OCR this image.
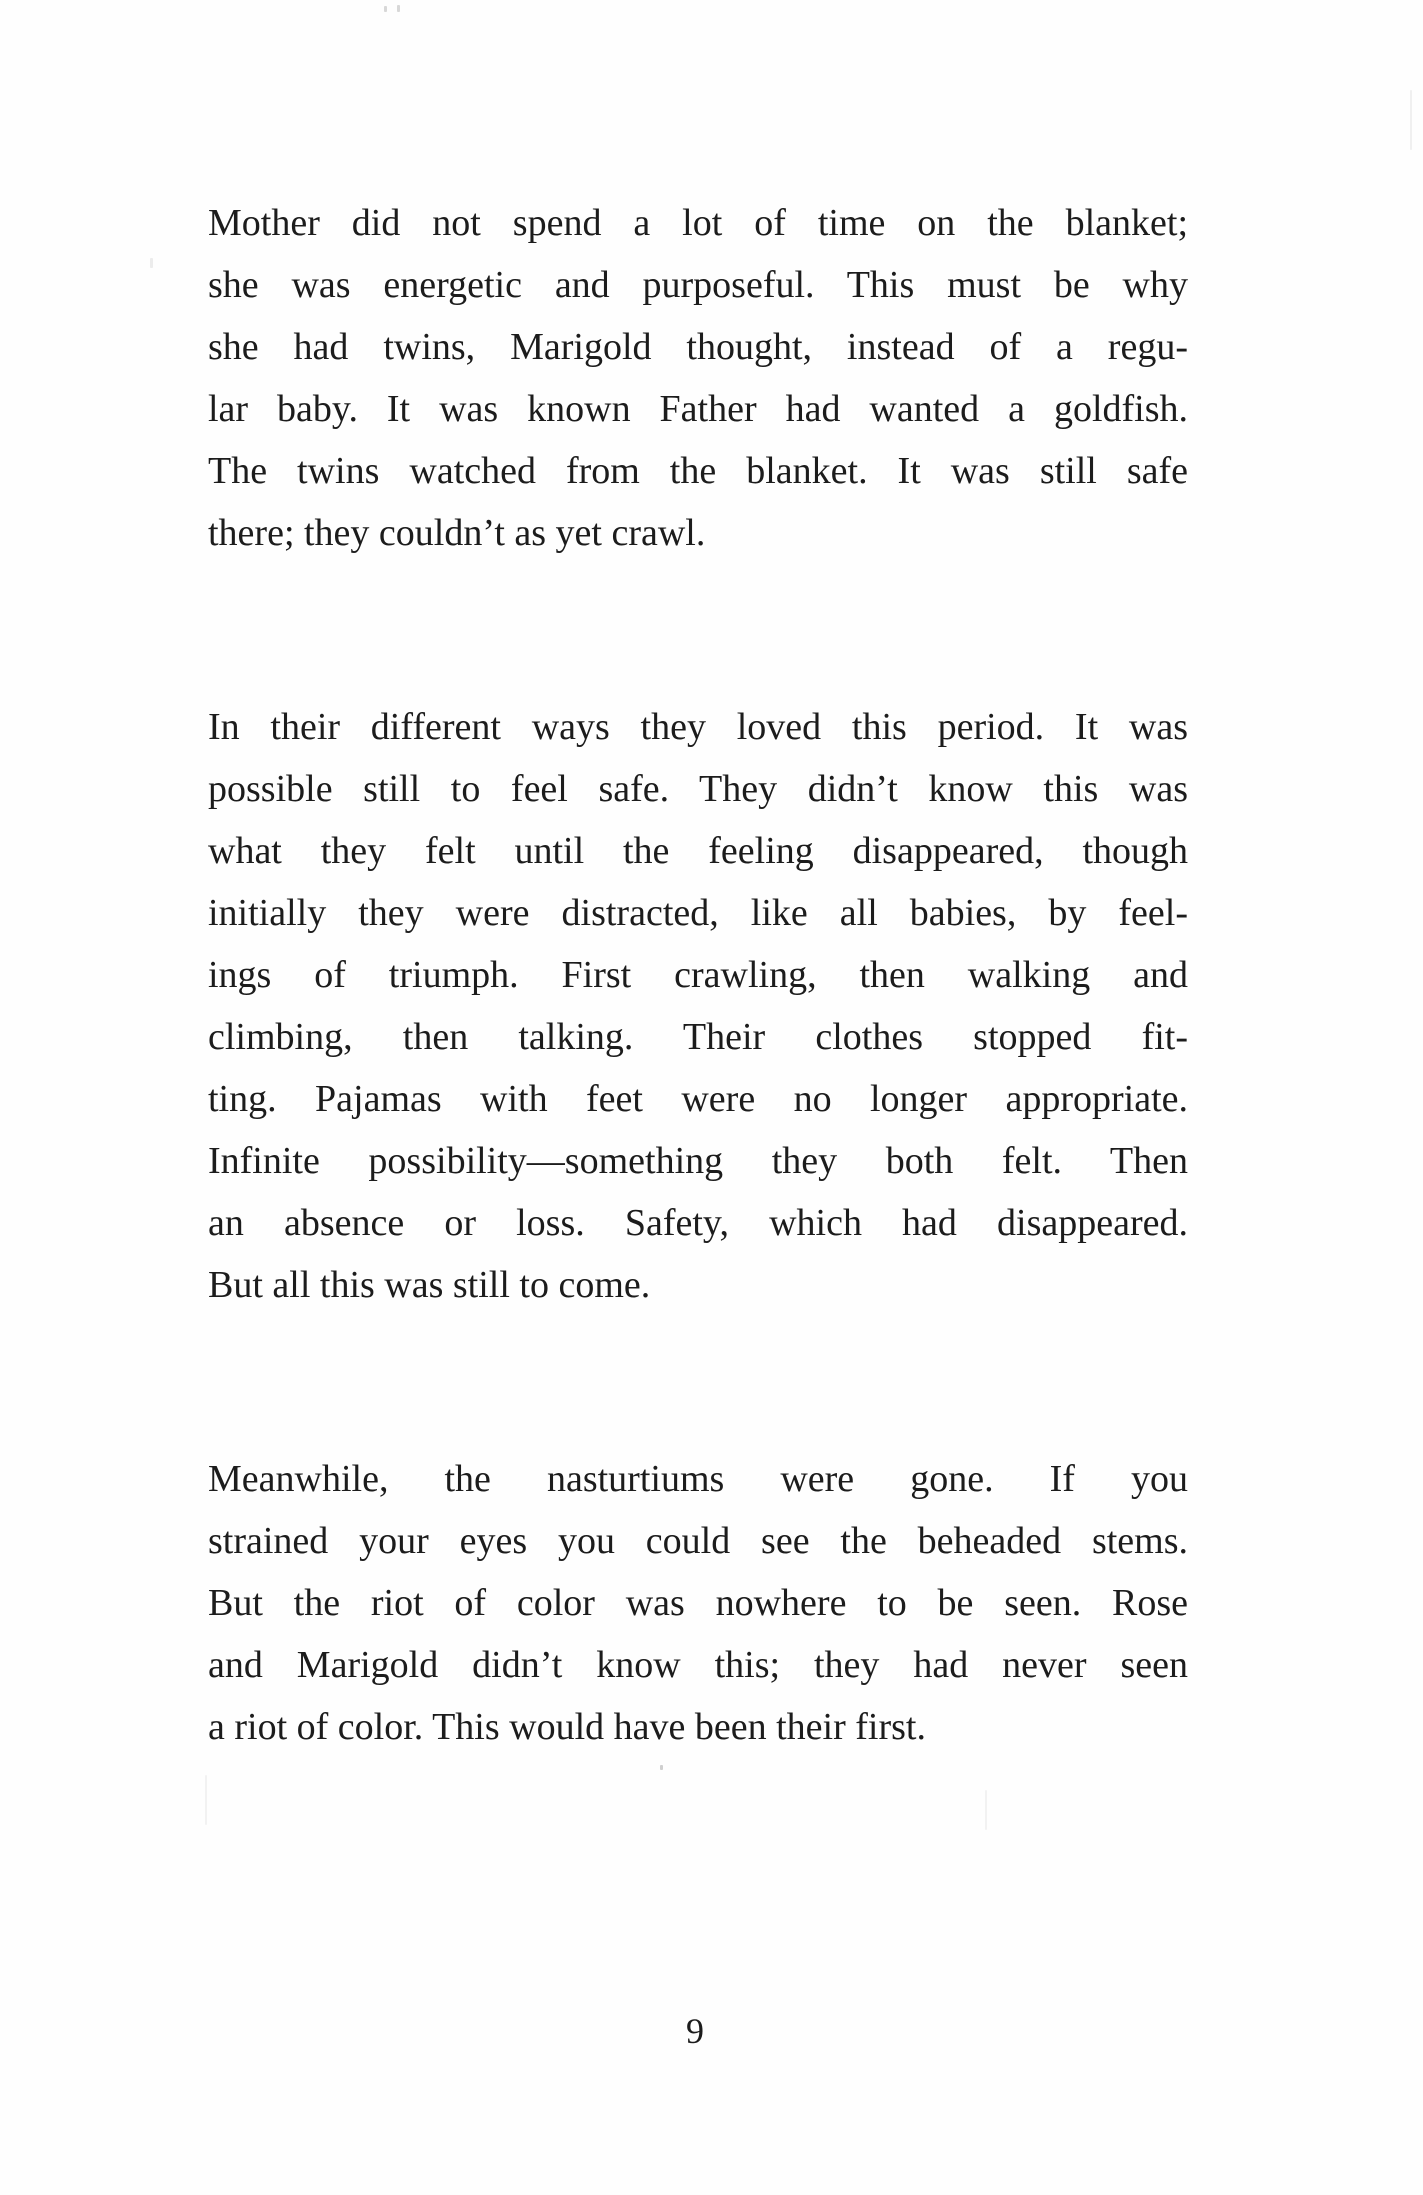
Mother did not spend a lot of time on the blanket;
she was energetic and purposeful. This must be why
she had twins, Marigold thought, instead of a regu-
lar baby. It was known Father had wanted a goldfish.
The twins watched from the blanket. It was still safe
there; they couldn’t as yet crawl.
In their different ways they loved this period. It was
possible still to feel safe. They didn’t know this was
what they felt until the feeling disappeared, though
initially they were distracted, like all babies, by feel-
ings of triumph. First crawling, then walking and
climbing, then talking. Their clothes stopped fit-
ting. Pajamas with feet were no longer appropriate.
Infinite possibility—something they both felt. Then
an absence or loss. Safety, which had disappeared.
But all this was still to come.
Meanwhile, the nasturtiums were gone. If you
strained your eyes you could see the beheaded stems.
But the riot of color was nowhere to be seen. Rose
and Marigold didn’t know this; they had never seen
a riot of color. This would have been their first.
9
